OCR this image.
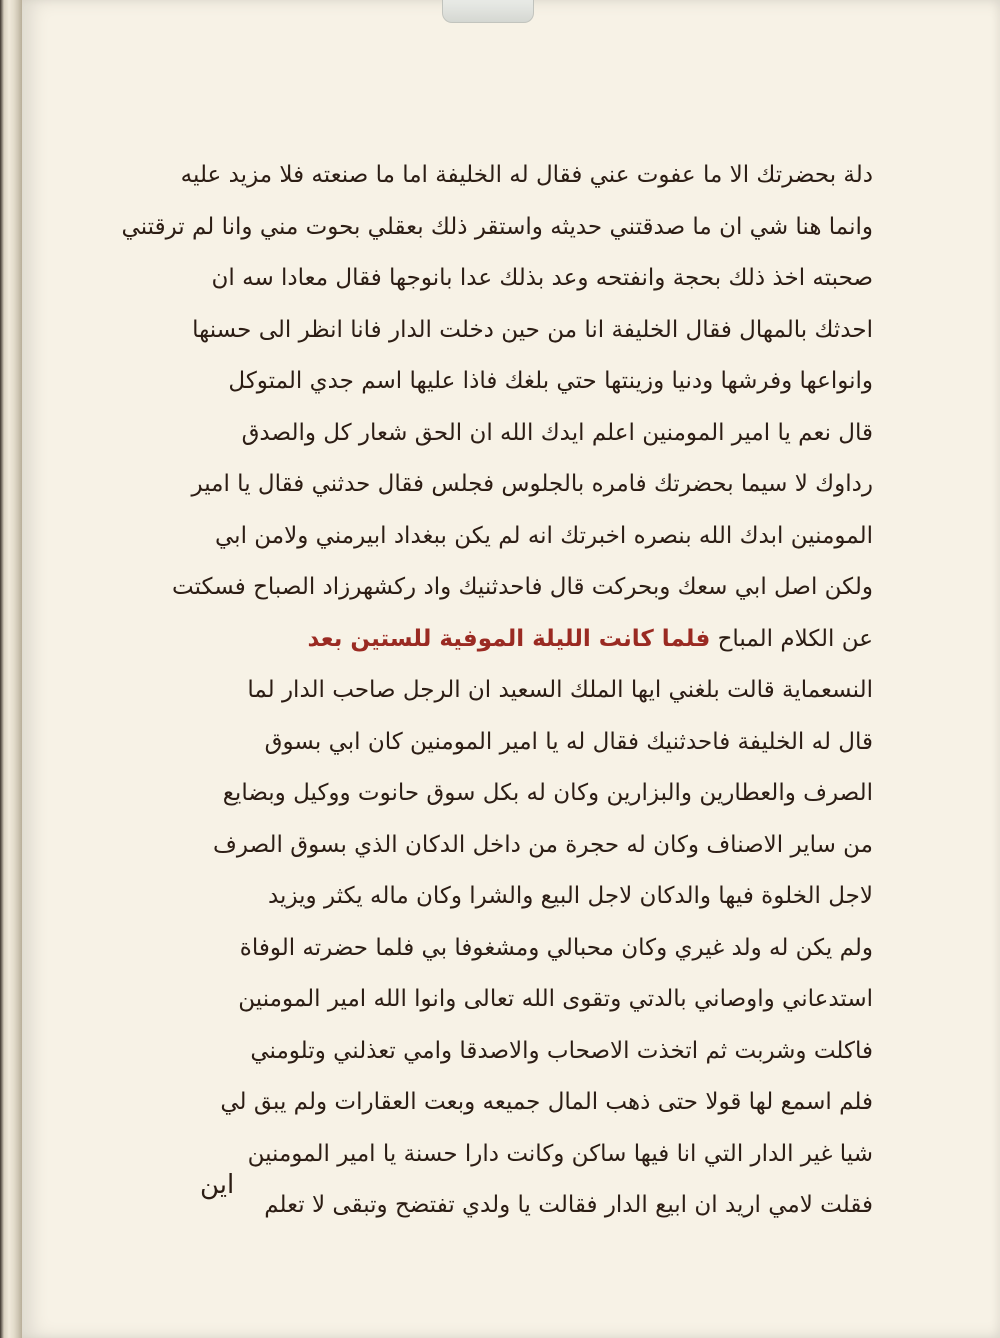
دلة بحضرتك الا ما عفوت عني فقال له الخليفة اما ما صنعته فلا مزيد عليه
وانما هنا شي ان ما صدقتني حديثه واستقر ذلك بعقلي بحوت مني وانا لم ترقتني
صحبته اخذ ذلك بحجة وانفتحه وعد بذلك عدا بانوجها فقال معادا سه ان
احدثك بالمهال فقال الخليفة انا من حين دخلت الدار فانا انظر الى حسنها
وانواعها وفرشها ودنيا وزينتها حتي بلغك فاذا عليها اسم جدي المتوكل
قال نعم يا امير المومنين اعلم ايدك الله ان الحق شعار كل والصدق
رداوك لا سيما بحضرتك فامره بالجلوس فجلس فقال حدثني فقال يا امير
المومنين ابدك الله بنصره اخبرتك انه لم يكن ببغداد ابيرمني ولامن ابي
ولكن اصل ابي سعك وبحركت قال فاحدثنيك واد ركشهرزاد الصباح فسكتت
عن الكلام المباح فلما كانت الليلة الموفية للستين بعد
النسعماية قالت بلغني ايها الملك السعيد ان الرجل صاحب الدار لما
قال له الخليفة فاحدثنيك فقال له يا امير المومنين كان ابي بسوق
الصرف والعطارين والبزارين وكان له بكل سوق حانوت ووكيل وبضايع
من ساير الاصناف وكان له حجرة من داخل الدكان الذي بسوق الصرف
لاجل الخلوة فيها والدكان لاجل البيع والشرا وكان ماله يكثر ويزيد
ولم يكن له ولد غيري وكان محبالي ومشغوفا بي فلما حضرته الوفاة
استدعاني واوصاني بالدتي وتقوى الله تعالى وانوا الله امير المومنين
فاكلت وشربت ثم اتخذت الاصحاب والاصدقا وامي تعذلني وتلومني
فلم اسمع لها قولا حتى ذهب المال جميعه وبعت العقارات ولم يبق لي
شيا غير الدار التي انا فيها ساكن وكانت دارا حسنة يا امير المومنين
فقلت لامي اريد ان ابيع الدار فقالت يا ولدي تفتضح وتبقى لا تعلم
اين
